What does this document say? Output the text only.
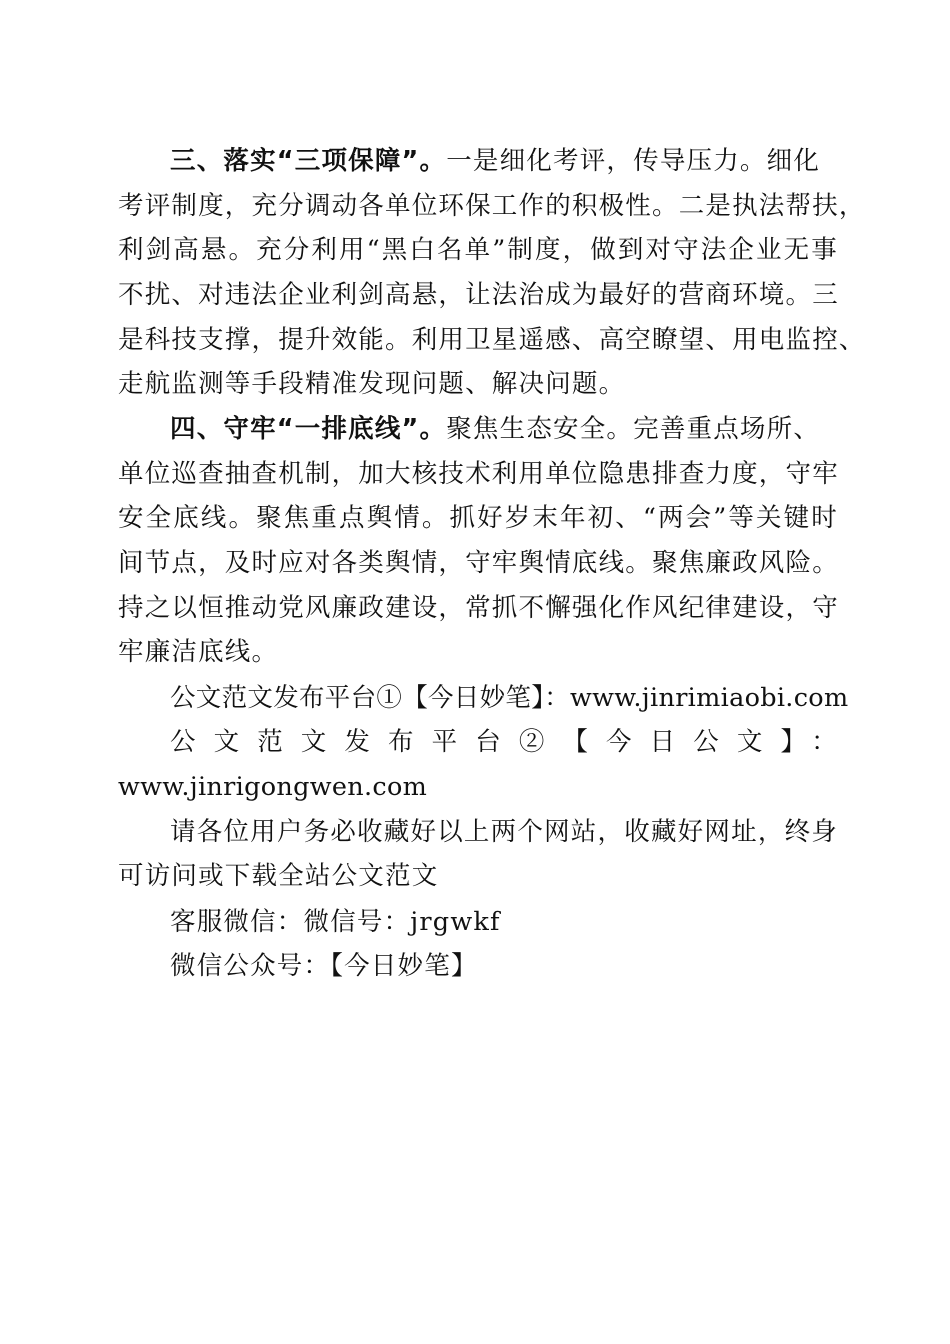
三、落实“三项保障”。一是细化考评，传导压力。细化
考评制度，充分调动各单位环保工作的积极性。二是执法帮扶，
利剑高悬。充分利用“黑白名单”制度，做到对守法企业无事
不扰、对违法企业利剑高悬，让法治成为最好的营商环境。三
是科技支撑，提升效能。利用卫星遥感、高空瞭望、用电监控、
走航监测等手段精准发现问题、解决问题。
四、守牢“一排底线”。聚焦生态安全。完善重点场所、
单位巡查抽查机制，加大核技术利用单位隐患排查力度，守牢
安全底线。聚焦重点舆情。抓好岁末年初、“两会”等关键时
间节点，及时应对各类舆情，守牢舆情底线。聚焦廉政风险。
持之以恒推动党风廉政建设，常抓不懈强化作风纪律建设，守
牢廉洁底线。
公文范文发布平台①【今日妙笔】：www.jinrimiaobi.com
公文范文发布平台②【今日公文】：
www.jinrigongwen.com
请各位用户务必收藏好以上两个网站，收藏好网址，终身
可访问或下载全站公文范文
客服微信：微信号：jrgwkf
微信公众号：【今日妙笔】
